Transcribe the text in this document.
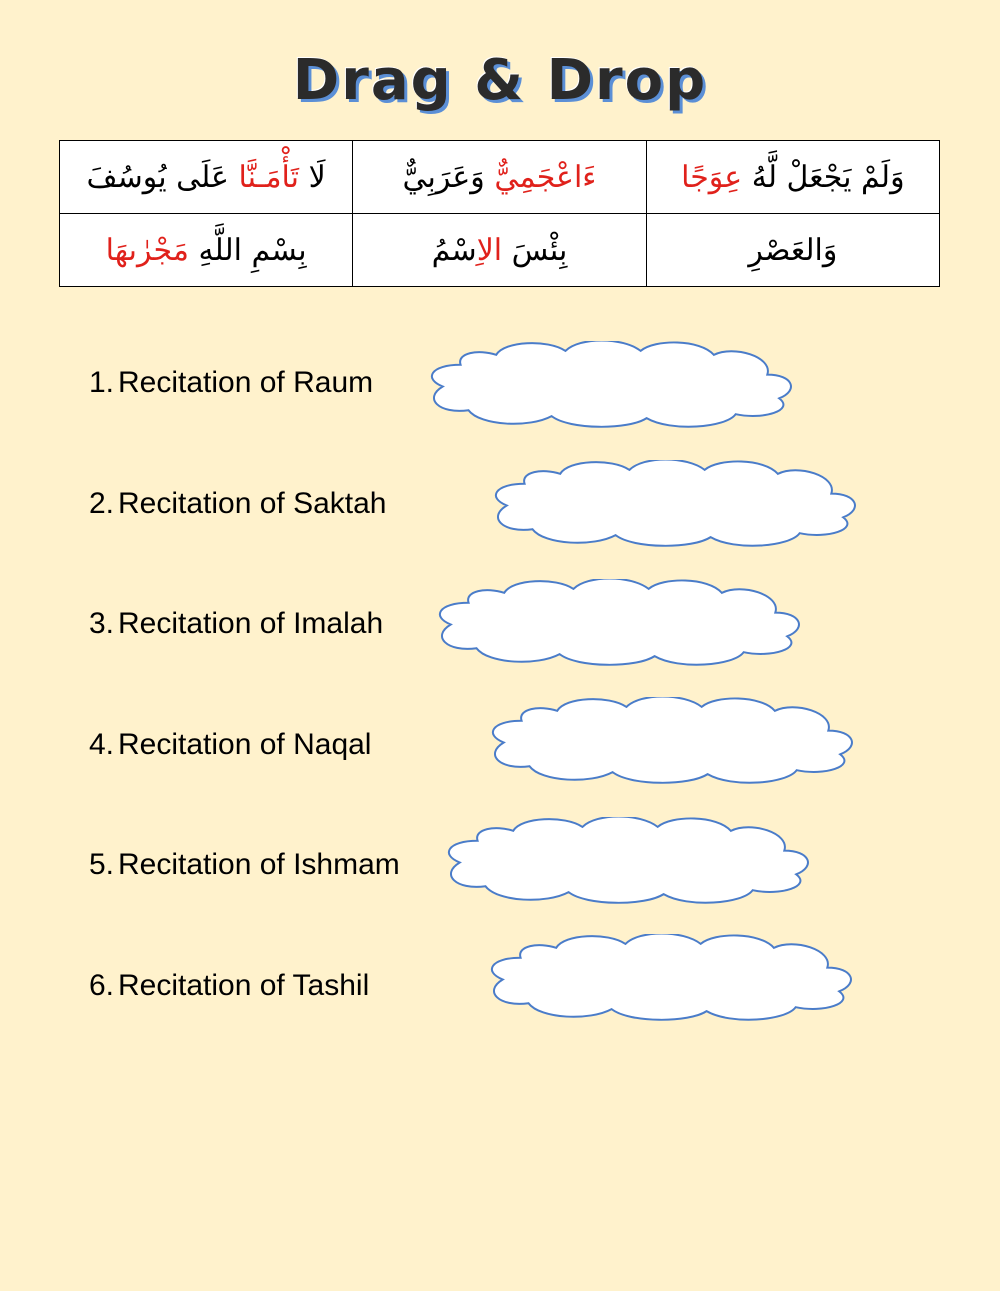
Drag & Drop
لَا تَأْمَـنَّا عَلَى يُوسُفَ	ءَاعْجَمِيٌّ وَعَرَبِيٌّ	وَلَمْ يَجْعَلْ لَّهُ عِوَجًا
بِسْمِ اللَّهِ مَجْرٰىهَا	بِئْسَ الاِسْمُ	وَالعَصْرِ
1. Recitation of Raum
2. Recitation of Saktah
3. Recitation of Imalah
4. Recitation of Naqal
5. Recitation of Ishmam
6. Recitation of Tashil
